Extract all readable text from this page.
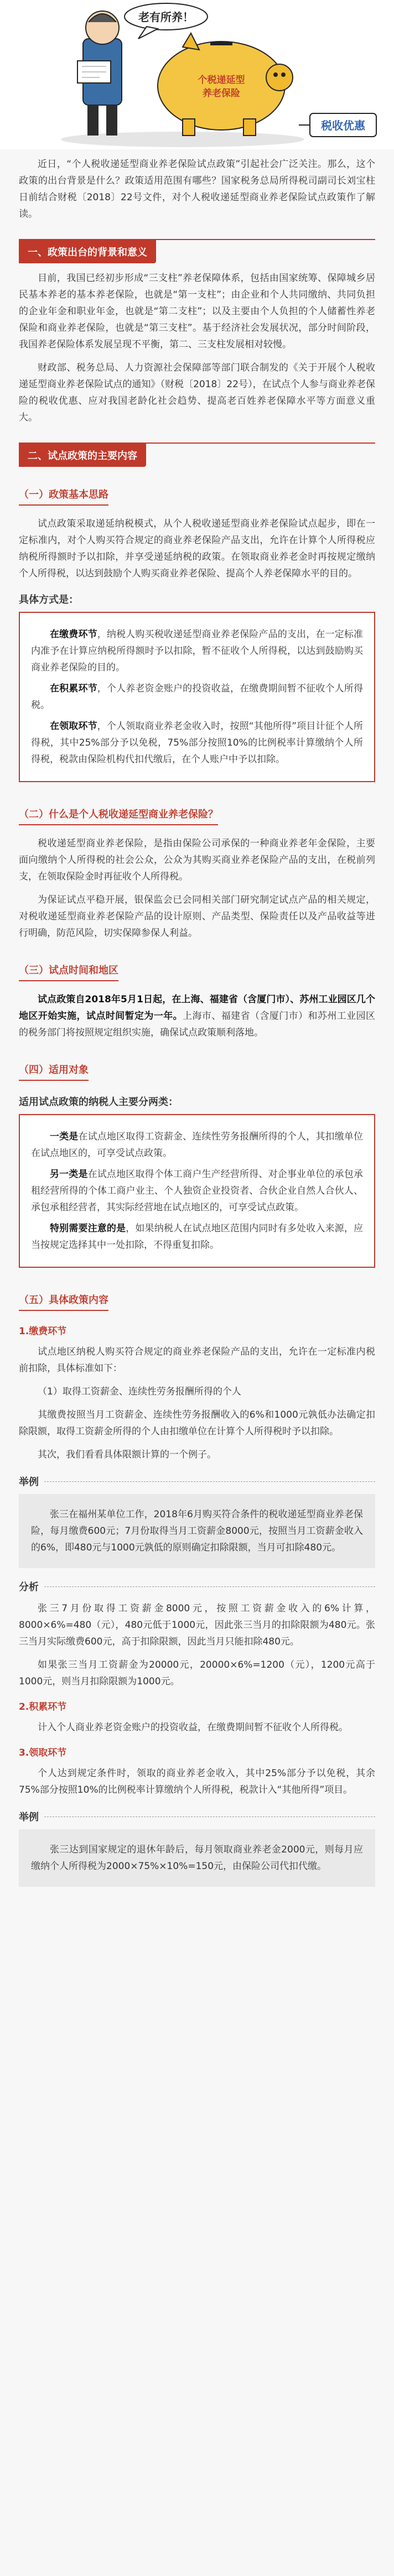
个税递延型
养老保险
老有所养！
税收优惠
近日，“个人税收递延型商业养老保险试点政策”引起社会广泛关注。那么，这个政策的出台背景是什么？政策适用范围有哪些？国家税务总局所得税司副司长刘宝柱日前结合财税〔2018〕22号文件，对个人税收递延型商业养老保险试点政策作了解读。
一、政策出台的背景和意义
目前，我国已经初步形成“三支柱”养老保障体系，包括由国家统筹、保障城乡居民基本养老的基本养老保险，也就是“第一支柱”；由企业和个人共同缴纳、共同负担的企业年金和职业年金，也就是“第二支柱”；以及主要由个人负担的个人储蓄性养老保险和商业养老保险，也就是“第三支柱”。基于经济社会发展状况，部分时间阶段，我国养老保险体系发展呈现不平衡，第二、三支柱发展相对较慢。
财政部、税务总局、人力资源社会保障部等部门联合制发的《关于开展个人税收递延型商业养老保险试点的通知》（财税〔2018〕22号），在试点个人参与商业养老保险的税收优惠、应对我国老龄化社会趋势、提高老百姓养老保障水平等方面意义重大。
二、试点政策的主要内容
（一）政策基本思路
试点政策采取递延纳税模式，从个人税收递延型商业养老保险试点起步，即在一定标准内，对个人购买符合规定的商业养老保险产品支出，允许在计算个人所得税应纳税所得额时予以扣除，并享受递延纳税的政策。在领取商业养老金时再按规定缴纳个人所得税，以达到鼓励个人购买商业养老保险、提高个人养老保障水平的目的。
具体方式是：
在缴费环节，纳税人购买税收递延型商业养老保险产品的支出，在一定标准内准予在计算应纳税所得额时予以扣除，暂不征收个人所得税，以达到鼓励购买商业养老保险的目的。
在积累环节，个人养老资金账户的投资收益，在缴费期间暂不征收个人所得税。
在领取环节，个人领取商业养老金收入时，按照“其他所得”项目计征个人所得税，其中25%部分予以免税，75%部分按照10%的比例税率计算缴纳个人所得税，税款由保险机构代扣代缴后，在个人账户中予以扣除。
（二）什么是个人税收递延型商业养老保险？
税收递延型商业养老保险，是指由保险公司承保的一种商业养老年金保险，主要面向缴纳个人所得税的社会公众，公众为其购买商业养老保险产品的支出，在税前列支，在领取保险金时再征收个人所得税。
为保证试点平稳开展，银保监会已会同相关部门研究制定试点产品的相关规定，对税收递延型商业养老保险产品的设计原则、产品类型、保险责任以及产品收益等进行明确，防范风险，切实保障参保人利益。
（三）试点时间和地区
试点政策自2018年5月1日起，在上海、福建省（含厦门市）、苏州工业园区几个地区开始实施，试点时间暂定为一年。上海市、福建省（含厦门市）和苏州工业园区的税务部门将按照规定组织实施，确保试点政策顺利落地。
（四）适用对象
适用试点政策的纳税人主要分两类：
一类是在试点地区取得工资薪金、连续性劳务报酬所得的个人，其扣缴单位在试点地区的，可享受试点政策。
另一类是在试点地区取得个体工商户生产经营所得、对企事业单位的承包承租经营所得的个体工商户业主、个人独资企业投资者、合伙企业自然人合伙人、承包承租经营者，其实际经营地在试点地区的，可享受试点政策。
特别需要注意的是，如果纳税人在试点地区范围内同时有多处收入来源，应当按规定选择其中一处扣除，不得重复扣除。
（五）具体政策内容
1.缴费环节
试点地区纳税人购买符合规定的商业养老保险产品的支出，允许在一定标准内税前扣除，具体标准如下：
（1）取得工资薪金、连续性劳务报酬所得的个人
其缴费按照当月工资薪金、连续性劳务报酬收入的6%和1000元孰低办法确定扣除限额，取得工资薪金所得的个人由扣缴单位在计算个人所得税时予以扣除。
其次，我们看看具体限额计算的一个例子。
举例
张三在福州某单位工作，2018年6月购买符合条件的税收递延型商业养老保险，每月缴费600元；7月份取得当月工资薪金8000元，按照当月工资薪金收入的6%，即480元与1000元孰低的原则确定扣除限额，当月可扣除480元。
分析
张三7月份取得工资薪金8000元，按照工资薪金收入的6%计算，8000×6%=480（元），480元低于1000元，因此张三当月的扣除限额为480元。张三当月实际缴费600元，高于扣除限额，因此当月只能扣除480元。
如果张三当月工资薪金为20000元，20000×6%=1200（元），1200元高于1000元，则当月扣除限额为1000元。
2.积累环节
计入个人商业养老资金账户的投资收益，在缴费期间暂不征收个人所得税。
3.领取环节
个人达到规定条件时，领取的商业养老金收入，其中25%部分予以免税，其余75%部分按照10%的比例税率计算缴纳个人所得税，税款计入“其他所得”项目。
举例
张三达到国家规定的退休年龄后，每月领取商业养老金2000元，则每月应缴纳个人所得税为2000×75%×10%=150元，由保险公司代扣代缴。
